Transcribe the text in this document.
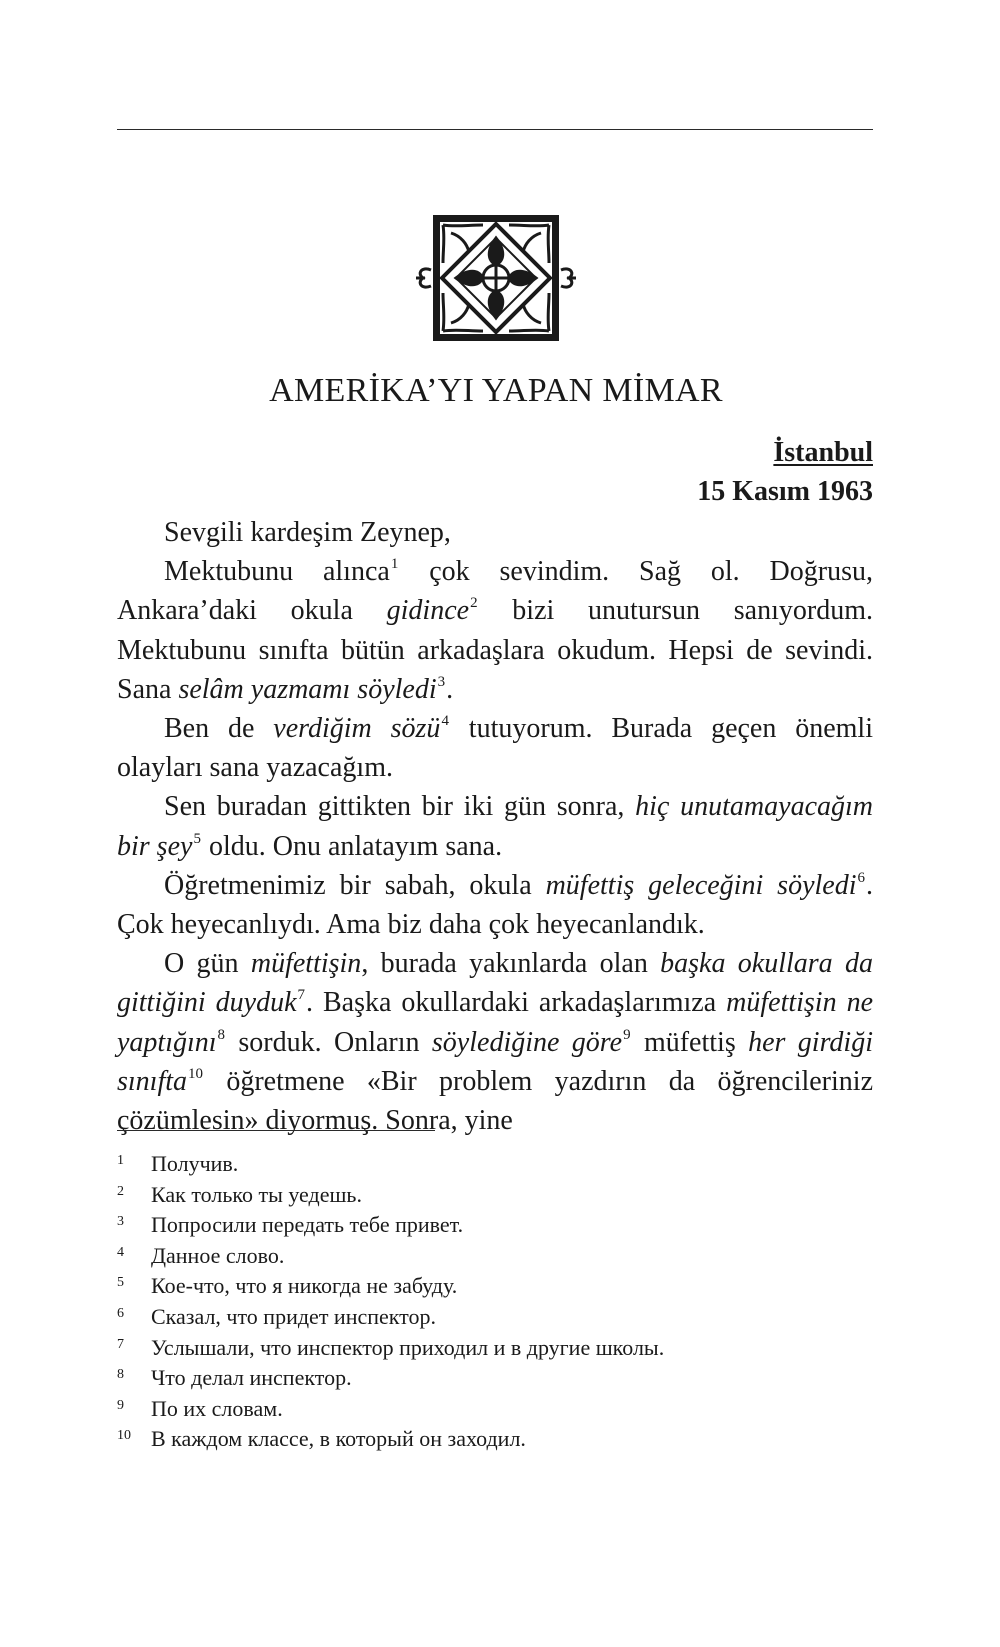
AMERİKA’YI YAPAN MİMAR
İstanbul
15 Kasım 1963

Sevgili kardeşim Zeynep,

Mektubunu alınca$^1$ çok sevindim. Sağ ol. Doğrusu, Ankara’daki okula gidince$^2$ bizi unutursun sanıyordum. Mektubunu sınıfta bütün arkadaşlara okudum. Hepsi de sevindi. Sana selâm yazmamı söyledi$^3$.

Ben de verdiğim sözü$^4$ tutuyorum. Burada geçen önemli olayları sana yazacağım.

Sen buradan gittikten bir iki gün sonra, hiç unutamayacağım bir şey$^5$ oldu. Onu anlatayım sana.

Öğretmenimiz bir sabah, okula müfettiş geleceğini söyledi$^6$. Çok heyecanlıydı. Ama biz daha çok heyecanlandık.

O gün müfettişin, burada yakınlarda olan başka okullara da gittiğini duyduk$^7$. Başka okullardaki arkadaşlarımıza müfettişin ne yaptığını$^8$ sorduk. Onların söylediğine göre$^9$ müfettiş her girdiği sınıfta$^{10}$ öğretmene «Bir problem yazdırın da öğrencileriniz çözümlesin» diyormuş. Sonra, yine

1	Получив.
2	Как только ты уедешь.
3	Попросили передать тебе привет.
4	Данное слово.
5	Кое-что, что я никогда не забуду.
6	Сказал, что придет инспектор.
7	Услышали, что инспектор приходил и в другие школы.
8	Что делал инспектор.
9	По их словам.
10 В каждом классе, в который он заходил.
